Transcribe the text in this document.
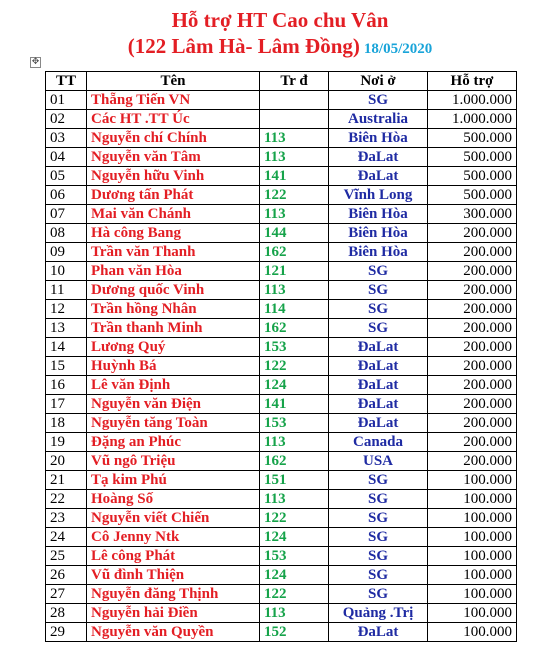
Hỗ trợ HT Cao chu Vân
(122 Lâm Hà- Lâm Đồng) 18/05/2020
✥
TT	Tên	Tr đ	Nơi ở	Hỗ trợ
01	Thẵng Tiến VN		SG	1.000.000
02	Các HT .TT Úc		Australia	1.000.000
03	Nguyễn chí Chính	113	Biên Hòa	500.000
04	Nguyễn văn Tâm	113	ĐaLat	500.000
05	Nguyễn hữu Vinh	141	ĐaLat	500.000
06	Dương tấn Phát	122	Vĩnh Long	500.000
07	Mai văn Chánh	113	Biên Hòa	300.000
08	Hà công Bang	144	Biên Hòa	200.000
09	Trần văn Thanh	162	Biên Hòa	200.000
10	Phan văn Hòa	121	SG	200.000
11	Dương quốc Vinh	113	SG	200.000
12	Trần hồng Nhân	114	SG	200.000
13	Trần thanh Minh	162	SG	200.000
14	Lương Quý	153	ĐaLat	200.000
15	Huỳnh Bá	122	ĐaLat	200.000
16	Lê văn Định	124	ĐaLat	200.000
17	Nguyễn văn Điện	141	ĐaLat	200.000
18	Nguyễn tăng Toàn	153	ĐaLat	200.000
19	Đặng an Phúc	113	Canada	200.000
20	Vũ ngô Triệu	162	USA	200.000
21	Tạ kim Phú	151	SG	100.000
22	Hoàng Số	113	SG	100.000
23	Nguyễn viết Chiến	122	SG	100.000
24	Cô Jenny Ntk	124	SG	100.000
25	Lê công Phát	153	SG	100.000
26	Vũ đình Thiện	124	SG	100.000
27	Nguyễn đăng Thịnh	122	SG	100.000
28	Nguyễn hải Điền	113	Quảng .Trị	100.000
29	Nguyễn văn Quyền	152	ĐaLat	100.000
